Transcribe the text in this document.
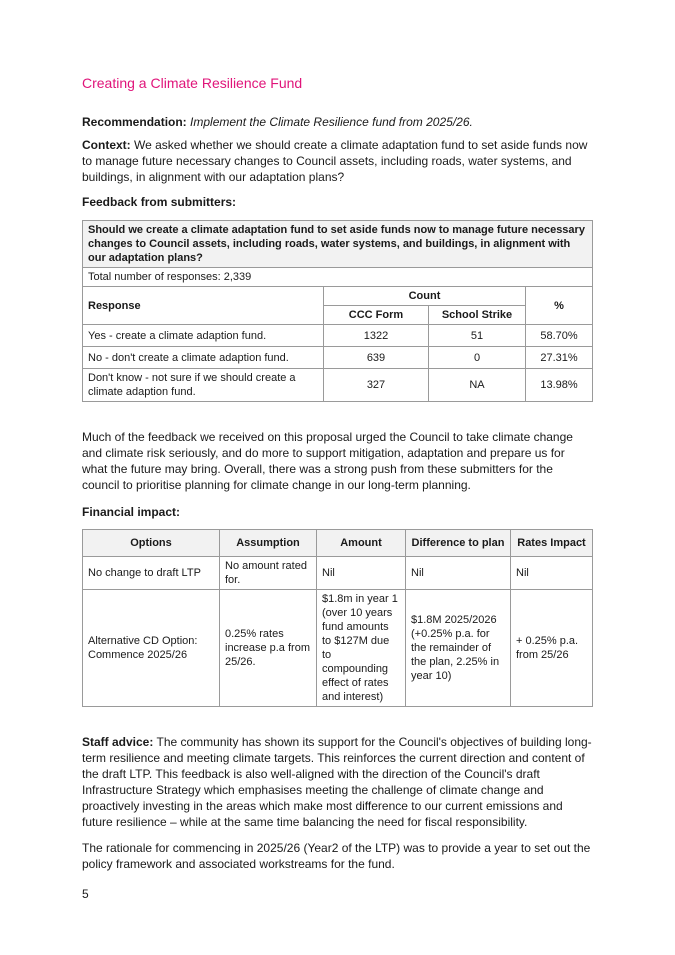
Creating a Climate Resilience Fund

Recommendation: Implement the Climate Resilience fund from 2025/26.

Context: We asked whether we should create a climate adaptation fund to set aside funds now to manage future necessary changes to Council assets, including roads, water systems, and buildings, in alignment with our adaptation plans?

Feedback from submitters:

Should we create a climate adaptation fund to set aside funds now to manage future necessary changes to Council assets, including roads, water systems, and buildings, in alignment with our adaptation plans?			
Total number of responses: 2,339			
Response	Count		%
	CCC Form	School Strike	
Yes - create a climate adaption fund.	1322	51	58.70%
No - don't create a climate adaption fund.	639	0	27.31%
Don't know - not sure if we should create a climate adaption fund.	327	NA	13.98%

Much of the feedback we received on this proposal urged the Council to take climate change and climate risk seriously, and do more to support mitigation, adaptation and prepare us for what the future may bring. Overall, there was a strong push from these submitters for the council to prioritise planning for climate change in our long-term planning.

Financial impact:

Options	Assumption	Amount	Difference to plan	Rates Impact
No change to draft LTP	No amount rated for.	Nil	Nil	Nil
Alternative CD Option: Commence 2025/26	0.25% rates increase p.a from 25/26.	$1.8m in year 1 (over 10 years fund amounts to $127M due to compounding effect of rates and interest)	$1.8M 2025/2026 (+0.25% p.a. for the remainder of the plan, 2.25% in year 10)	+ 0.25% p.a. from 25/26

Staff advice: The community has shown its support for the Council's objectives of building long-term resilience and meeting climate targets. This reinforces the current direction and content of the draft LTP. This feedback is also well-aligned with the direction of the Council's draft Infrastructure Strategy which emphasises meeting the challenge of climate change and proactively investing in the areas which make most difference to our current emissions and future resilience – while at the same time balancing the need for fiscal responsibility.

The rationale for commencing in 2025/26 (Year2 of the LTP) was to provide a year to set out the policy framework and associated workstreams for the fund.

5
